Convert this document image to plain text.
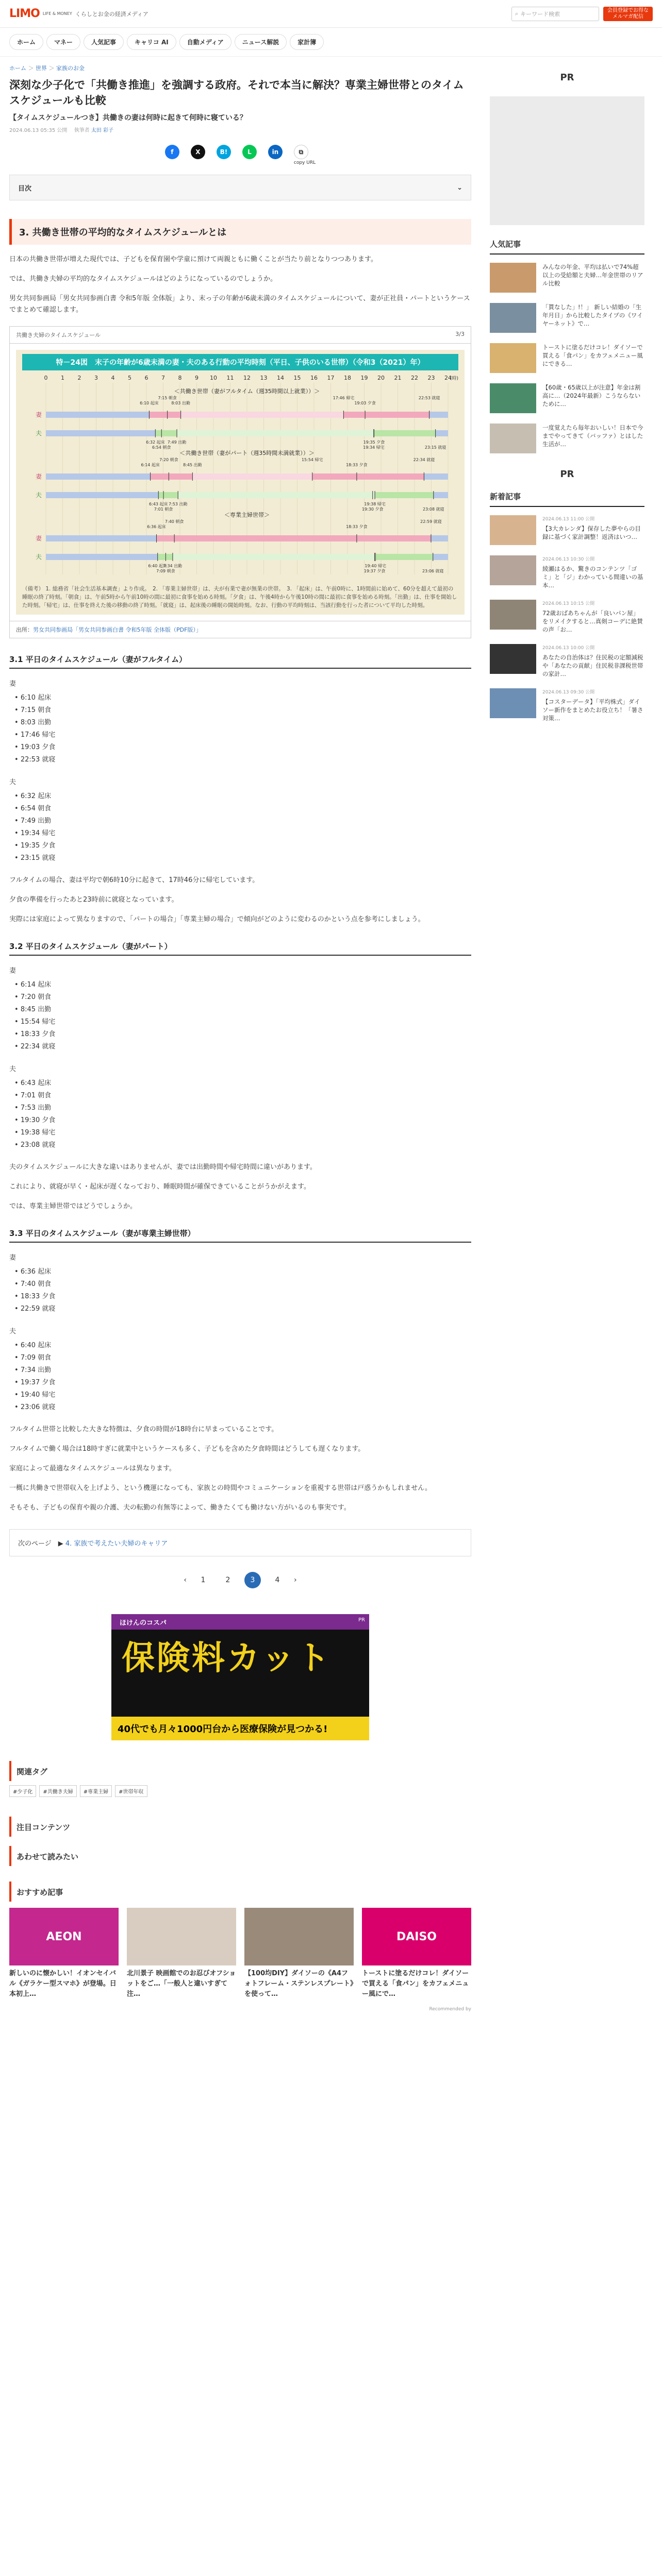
LIMO LIFE & MONEY くらしとお金の経済メディア	⌕ キーワード検索
会員登録でお得な
メルマガ配信
ホーム	マネー	人気記事	キャリコ AI	自動メディア	ニュース解説	家計簿
ホーム ＞ 世界 ＞ 家族のお金
深刻な少子化で「共働き推進」を強調する政府。それで本当に解決？専業主婦世帯とのタイムスケジュールも比較
【タイムスケジュールつき】共働きの妻は何時に起きて何時に寝ている？
2024.06.13 05:35 公開　 執筆者 太田 彩子
f	X	B!	L	in	⧉
copy URL
目次	⌄
3. 共働き世帯の平均的なタイムスケジュールとは

日本の共働き世帯が増えた現代では、子どもを保育園や学童に預けて両親ともに働くことが当たり前となりつつあります。

では、共働き夫婦の平均的なタイムスケジュールはどのようになっているのでしょうか。

男女共同参画局「男女共同参画白書 令和5年版 全体版」より、末っ子の年齢が6歳未満のタイムスケジュールについて、妻が正社員・パートというケースでまとめて確認します。

共働き夫婦のタイムスケジュール	3/3
特－24図　末子の年齢が6歳未満の妻・夫のある行動の平均時刻（平日、子供のいる世帯）（令和3（2021）年）
0 1 2 3 4 5 6 7 8 9 10 11 12 13 14 15 16 17 18 19 20 21 22 23 24
(時)
＜共働き世帯（妻がフルタイム（週35時間以上就業））＞
妻
6:10 起床
7:15 朝食
8:03 出勤
17:46 帰宅
19:03 夕食
22:53 就寝
夫
6:32 起床
6:54 朝食
7:49 出勤
19:34 帰宅
19:35 夕食
23:15 就寝
＜共働き世帯（妻がパート（週35時間未満就業））＞
妻
6:14 起床
7:20 朝食
8:45 出勤
15:54 帰宅
18:33 夕食
22:34 就寝
夫
6:43 起床
7:01 朝食
7:53 出勤
19:30 夕食
19:38 帰宅
23:08 就寝
＜専業主婦世帯＞
妻
6:36 起床
7:40 朝食
18:33 夕食
22:59 就寝
夫
6:40 起床
7:09 朝食
7:34 出勤
19:37 夕食
19:40 帰宅
23:06 就寝
（備考） 1. 総務省「社会生活基本調査」より作成。　2. 「専業主婦世帯」は、夫が有業で妻が無業の世帯。　3. 「起床」は、午前0時に、1時間前に始めて、60分を超えて最初の睡眠の終了時刻。「朝食」は、午前5時から午前10時の間に最初に食事を始める時刻。「夕食」は、午後4時から午後10時の間に最初に食事を始める時刻。「出勤」は、仕事を開始した時刻。「帰宅」は、仕事を終えた後の移動の終了時刻。「就寝」は、起床後の睡眠の開始時刻。なお、行動の平均時刻は、当該行動を行った者について平均した時刻。
出所：男女共同参画局「男女共同参画白書 令和5年版 全体版（PDF版）」
3.1 平日のタイムスケジュール（妻がフルタイム）
妻
• 6:10 起床
• 7:15 朝食
• 8:03 出勤
• 17:46 帰宅
• 19:03 夕食
• 22:53 就寝
夫
• 6:32 起床
• 6:54 朝食
• 7:49 出勤
• 19:34 帰宅
• 19:35 夕食
• 23:15 就寝

フルタイムの場合、妻は平均で朝6時10分に起きて、17時46分に帰宅しています。

夕食の準備を行ったあと23時前に就寝となっています。

実際には家庭によって異なりますので、「パートの場合」「専業主婦の場合」で傾向がどのように変わるのかという点を参考にしましょう。

3.2 平日のタイムスケジュール（妻がパート）
妻
• 6:14 起床
• 7:20 朝食
• 8:45 出勤
• 15:54 帰宅
• 18:33 夕食
• 22:34 就寝
夫
• 6:43 起床
• 7:01 朝食
• 7:53 出勤
• 19:30 夕食
• 19:38 帰宅
• 23:08 就寝

夫のタイムスケジュールに大きな違いはありませんが、妻では出勤時間や帰宅時間に違いがあります。

これにより、就寝が早く・起床が遅くなっており、睡眠時間が確保できていることがうかがえます。

では、専業主婦世帯ではどうでしょうか。

3.3 平日のタイムスケジュール（妻が専業主婦世帯）
妻
• 6:36 起床
• 7:40 朝食
• 18:33 夕食
• 22:59 就寝
夫
• 6:40 起床
• 7:09 朝食
• 7:34 出勤
• 19:37 夕食
• 19:40 帰宅
• 23:06 就寝

フルタイム世帯と比較した大きな特徴は、夕食の時間が18時台に早まっていることです。

フルタイムで働く場合は18時すぎに就業中というケースも多く、子どもを含めた夕食時間はどうしても遅くなります。

家庭によって最適なタイムスケジュールは異なります。

一概に共働きで世帯収入を上げよう、という機運になっても、家族との時間やコミュニケーションを重視する世帯は戸惑うかもしれません。

そもそも、子どもの保育や親の介護、夫の転勤の有無等によって、働きたくても働けない方がいるのも事実です。

次のページ　▶ 4. 家族で考えたい夫婦のキャリア
‹	1	2	3	4	›
ほけんのコスパ	PR
保険料カット
40代でも月々1000円台から医療保険が見つかる!
関連タグ
#少子化	#共働き夫婦	#専業主婦	#世帯年収
注目コンテンツ
あわせて読みたい
おすすめ記事
AEON
新しいのに懐かしい！イオンセイバル《ガラケー型スマホ》が登場。日本初上…
北川景子 映画館でのお忍びオフショットをご…「一般人と違いすぎて注…
【100均DIY】ダイソーの《A4フォトフレーム・ステンレスプレート》を使って…
DAISO
トーストに塗るだけコレ！ダイソーで買える「食パン」をカフェメニュー風にで…
Recommended by
PR
人気記事
みんなの年金、平均は払いで74%超以上の受給額と夫婦…年金世帯のリアル比較
「貰なした」!！」 新しい結婚の「生年月日」から比較したタイプの《ワイヤーネット》で…
トーストに塗るだけコレ！ダイソーで買える「食パン」をカフェメニュー風にできる…
【60歳・65歳以上が注意】年金は割高に…（2024年最新）こうならないために…
一度覚えたら毎年おいしい！日本で今までやってきて（バッファ）とはした生活が…
PR
新着記事
2024.06.13 11:00 公開
【3大カレンダ】保存した夢やらの目録に基づく家計調整！返済はいつ…
2024.06.13 10:30 公開
綾瀬はるか、驚きのコンテンツ「ゴミ」と「ジ」わかっている間違いの基本…
2024.06.13 10:15 公開
72歳おばあちゃんが「良いパン屋」をリメイクすると…真剣コーデに絶賛の声「お…
2024.06.13 10:00 公開
あなたの自治体は？住民税の定額減税や「あなたの貢献」住民税非課税世帯の家計…
2024.06.13 09:30 公開
【コスターデータ】「平均株式」ダイソー新作をまとめたお役立ち！「暑さ対策…
